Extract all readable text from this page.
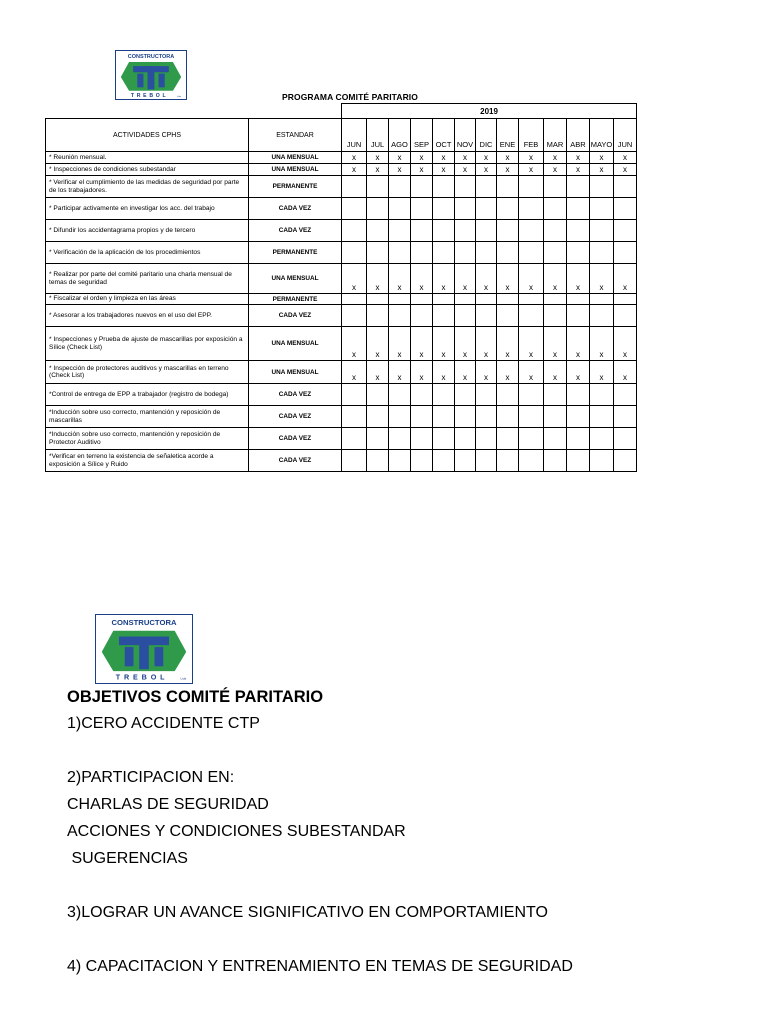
CONSTRUCTORA
TREBOL	Ltda	PROGRAMA COMITÉ PARITARIO
		2019												
ACTIVIDADES CPHS	ESTANDAR	JUN	JUL	AGO	SEP	OCT	NOV	DIC	ENE	FEB	MAR	ABR	MAYO	JUN
* Reunión mensual.	UNA MENSUAL	x	x	x	x	x	x	x	x	x	x	x	x	x
* Inspecciones de condiciones subestandar	UNA MENSUAL	x	x	x	x	x	x	x	x	x	x	x	x	x
* Verificar el cumplimiento de las medidas de seguridad por parte de los trabajadores.	PERMANENTE													
* Participar activamente en investigar los acc. del trabajo	CADA VEZ													
* Difundir los accidentagrama propios y de tercero	CADA VEZ													
* Verificación de la aplicación de los procedimientos	PERMANENTE													
* Realizar por parte del comité paritario una charla mensual de temas de seguridad	UNA MENSUAL	x	x	x	x	x	x	x	x	x	x	x	x	x
* Fiscalizar el orden y limpieza en las áreas	PERMANENTE													
* Asesorar a los trabajadores nuevos en el uso del EPP.	CADA VEZ													
* Inspecciones y Prueba de ajuste de mascarillas por exposición a Sílice (Check List)	UNA MENSUAL	x	x	x	x	x	x	x	x	x	x	x	x	x
* Inspección de protectores auditivos y mascarillas en terreno (Check List)	UNA MENSUAL	x	x	x	x	x	x	x	x	x	x	x	x	x
*Control de entrega de EPP a trabajador (registro de bodega)	CADA VEZ													
*Inducción sobre uso correcto, mantención y reposición de mascarillas	CADA VEZ													
*Inducción sobre uso correcto, mantención y reposición de Protector Auditivo	CADA VEZ													
*Verificar en terreno la existencia de señaletica acorde a exposición a Sílice y Ruido	CADA VEZ													
CONSTRUCTORA
TREBOL	Ltda
OBJETIVOS COMITÉ PARITARIO
1)CERO ACCIDENTE CTP
2)PARTICIPACION EN:
CHARLAS DE SEGURIDAD
ACCIONES Y CONDICIONES SUBESTANDAR
SUGERENCIAS
3)LOGRAR UN AVANCE SIGNIFICATIVO EN COMPORTAMIENTO
4) CAPACITACION Y ENTRENAMIENTO EN TEMAS DE SEGURIDAD
